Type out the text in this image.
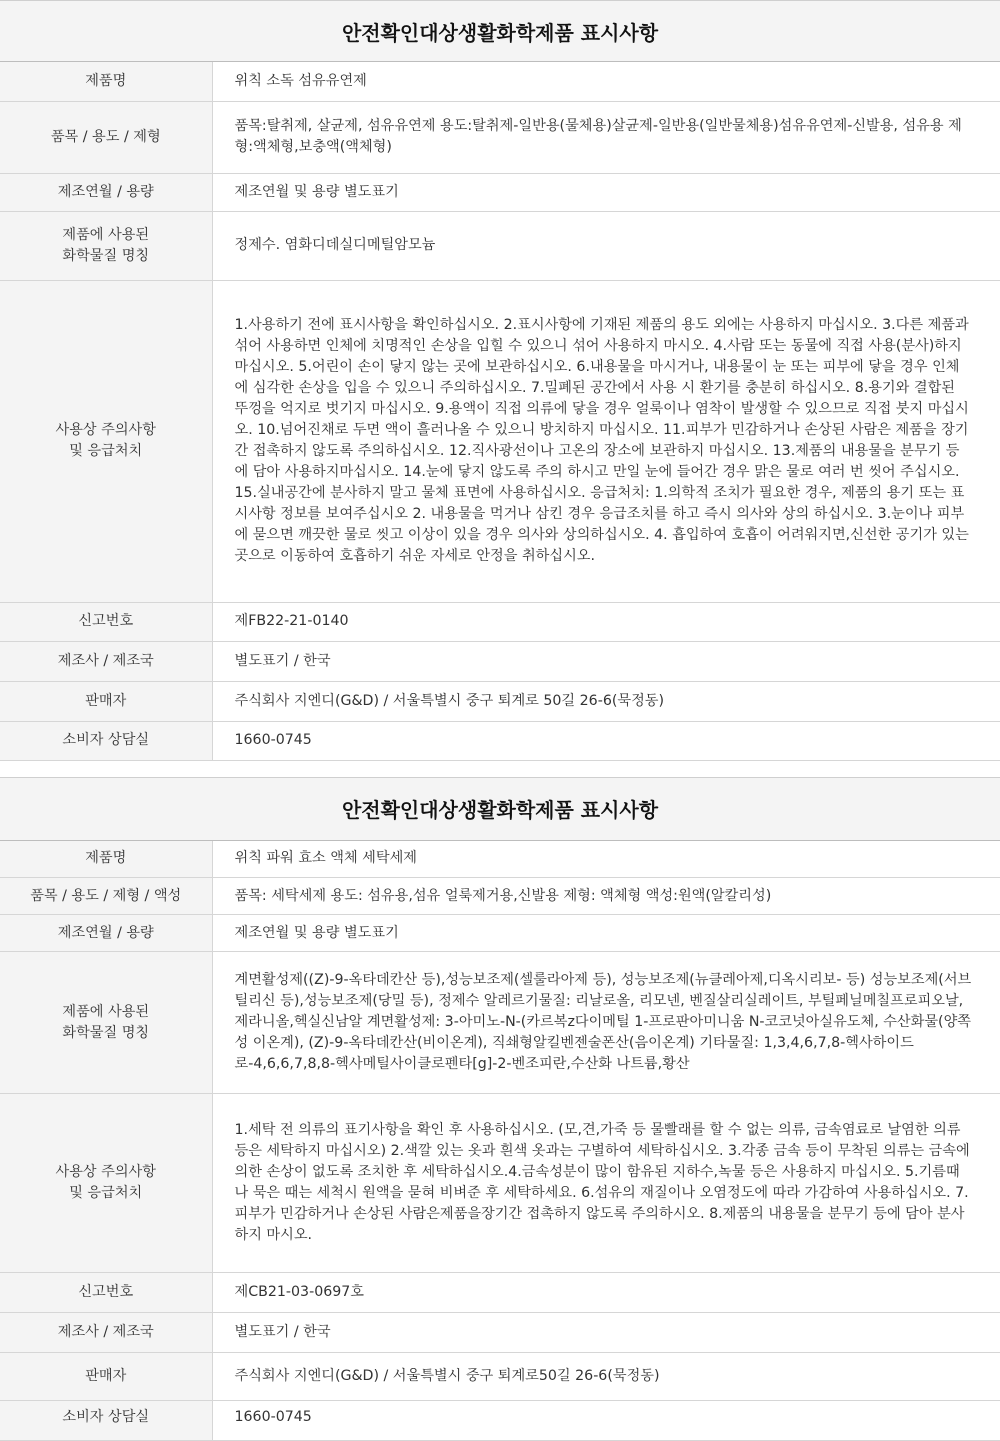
안전확인대상생활화학제품 표시사항
제품명	위칙 소독 섬유유연제
품목 / 용도 / 제형	품목:탈취제, 살균제, 섬유유연제 용도:탈취제-일반용(물체용)살균제-일반용(일반물체용)섬유유연제-신발용, 섬유용 제형:액체형,보충액(액체형)
제조연월 / 용량	제조연월 및 용량 별도표기
제품에 사용된
화학물질 명칭	정제수. 염화디데실디메틸암모늄
사용상 주의사항
및 응급처치	1.사용하기 전에 표시사항을 확인하십시오. 2.표시사항에 기재된 제품의 용도 외에는 사용하지 마십시오. 3.다른 제품과 섞어 사용하면 인체에 치명적인 손상을 입힐 수 있으니 섞어 사용하지 마시오. 4.사람 또는 동물에 직접 사용(분사)하지 마십시오. 5.어린이 손이 닿지 않는 곳에 보관하십시오. 6.내용물을 마시거나, 내용물이 눈 또는 피부에 닿을 경우 인체에 심각한 손상을 입을 수 있으니 주의하십시오. 7.밀폐된 공간에서 사용 시 환기를 충분히 하십시오. 8.용기와 결합된 뚜껑을 억지로 벗기지 마십시오. 9.용액이 직접 의류에 닿을 경우 얼룩이나 염착이 발생할 수 있으므로 직접 붓지 마십시오. 10.넘어진채로 두면 액이 흘러나올 수 있으니 방치하지 마십시오. 11.피부가 민감하거나 손상된 사람은 제품을 장기간 접촉하지 않도록 주의하십시오. 12.직사광선이나 고온의 장소에 보관하지 마십시오. 13.제품의 내용물을 분무기 등에 담아 사용하지마십시오. 14.눈에 닿지 않도록 주의 하시고 만일 눈에 들어간 경우 맑은 물로 여러 번 씻어 주십시오. 15.실내공간에 분사하지 말고 물체 표면에 사용하십시오. 응급처치: 1.의학적 조치가 필요한 경우, 제품의 용기 또는 표시사항 정보를 보여주십시오 2. 내용물을 먹거나 삼킨 경우 응급조치를 하고 즉시 의사와 상의 하십시오. 3.눈이나 피부에 묻으면 깨끗한 물로 씻고 이상이 있을 경우 의사와 상의하십시오. 4. 흡입하여 호흡이 어려워지면,신선한 공기가 있는 곳으로 이동하여 호흡하기 쉬운 자세로 안정을 취하십시오.
신고번호	제FB22-21-0140
제조사 / 제조국	별도표기 / 한국
판매자	주식회사 지엔디(G&D) / 서울특별시 중구 퇴계로 50길 26-6(묵정동)
소비자 상담실	1660-0745
안전확인대상생활화학제품 표시사항
제품명	위칙 파워 효소 액체 세탁세제
품목 / 용도 / 제형 / 액성	품목: 세탁세제 용도: 섬유용,섬유 얼룩제거용,신발용 제형: 액체형 액성:원액(알칼리성)
제조연월 / 용량	제조연월 및 용량 별도표기
제품에 사용된
화학물질 명칭	계면활성제((Z)-9-옥타데칸산 등),성능보조제(셀룰라아제 등), 성능보조제(뉴클레아제,디옥시리보- 등) 성능보조제(서브틸리신 등),성능보조제(당밀 등), 정제수 알레르기물질: 리날로올, 리모넨, 벤질살리실레이트, 부틸페닐메칠프로피오날, 제라니올,헥실신남알 계면활성제: 3-아미노-N-(카르복z다이메틸 1-프로판아미니움 N-코코넛아실유도체, 수산화물(양쪽성 이온계), (Z)-9-옥타데칸산(비이온계), 직쇄형알킬벤젠술폰산(음이온계) 기타물질: 1,3,4,6,7,8-헥사하이드로-4,6,6,7,8,8-헥사메틸사이클로펜타[g]-2-벤조피란,수산화 나트륨,황산
사용상 주의사항
및 응급처치	1.세탁 전 의류의 표기사항을 확인 후 사용하십시오. (모,견,가죽 등 물빨래를 할 수 없는 의류, 금속염료로 날염한 의류 등은 세탁하지 마십시오) 2.색깔 있는 옷과 흰색 옷과는 구별하여 세탁하십시오. 3.각종 금속 등이 무착된 의류는 금속에 의한 손상이 없도록 조치한 후 세탁하십시오.4.금속성분이 많이 함유된 지하수,녹물 등은 사용하지 마십시오. 5.기름때나 묵은 때는 세척시 원액을 묻혀 비벼준 후 세탁하세요. 6.섬유의 재질이나 오염정도에 따라 가감하여 사용하십시오. 7.피부가 민감하거나 손상된 사람은제품을장기간 접촉하지 않도록 주의하시오. 8.제품의 내용물을 분무기 등에 담아 분사하지 마시오.
신고번호	제CB21-03-0697호
제조사 / 제조국	별도표기 / 한국
판매자	주식회사 지엔디(G&D) / 서울특별시 중구 퇴계로50길 26-6(묵정동)
소비자 상담실	1660-0745
